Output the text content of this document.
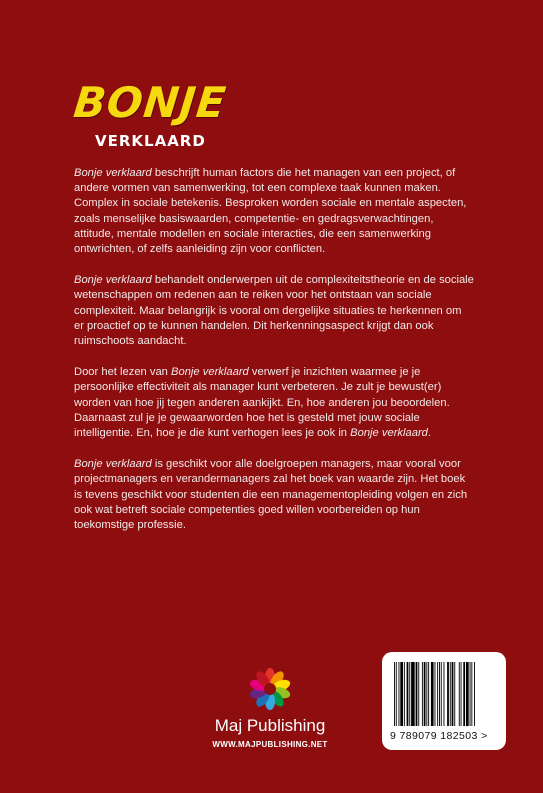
BONJE
VERKLAARD

Bonje verklaard beschrijft human factors die het managen van een project, of andere vormen van samenwerking, tot een complexe taak kunnen maken. Complex in sociale betekenis. Besproken worden sociale en mentale aspecten, zoals menselijke basiswaarden, competentie- en gedragsverwachtingen, attitude, mentale modellen en sociale interacties, die een samenwerking ontwrichten, of zelfs aanleiding zijn voor conflicten.

Bonje verklaard behandelt onderwerpen uit de complexiteitstheorie en de sociale wetenschappen om redenen aan te reiken voor het ontstaan van sociale complexiteit. Maar belangrijk is vooral om dergelijke situaties te herkennen om er proactief op te kunnen handelen. Dit herkenningsaspect krijgt dan ook ruimschoots aandacht.

Door het lezen van Bonje verklaard verwerf je inzichten waarmee je je persoonlijke effectiviteit als manager kunt verbeteren. Je zult je bewust(er) worden van hoe jij tegen anderen aankijkt. En, hoe anderen jou beoordelen. Daarnaast zul je je gewaarworden hoe het is gesteld met jouw sociale intelligentie. En, hoe je die kunt verhogen lees je ook in Bonje verklaard.

Bonje verklaard is geschikt voor alle doelgroepen managers, maar vooral voor projectmanagers en verandermanagers zal het boek van waarde zijn. Het boek is tevens geschikt voor studenten die een managementopleiding volgen en zich ook wat betreft sociale competenties goed willen voorbereiden op hun toekomstige professie.

Maj Publishing
WWW.MAJPUBLISHING.NET
9 789079 182503 >
